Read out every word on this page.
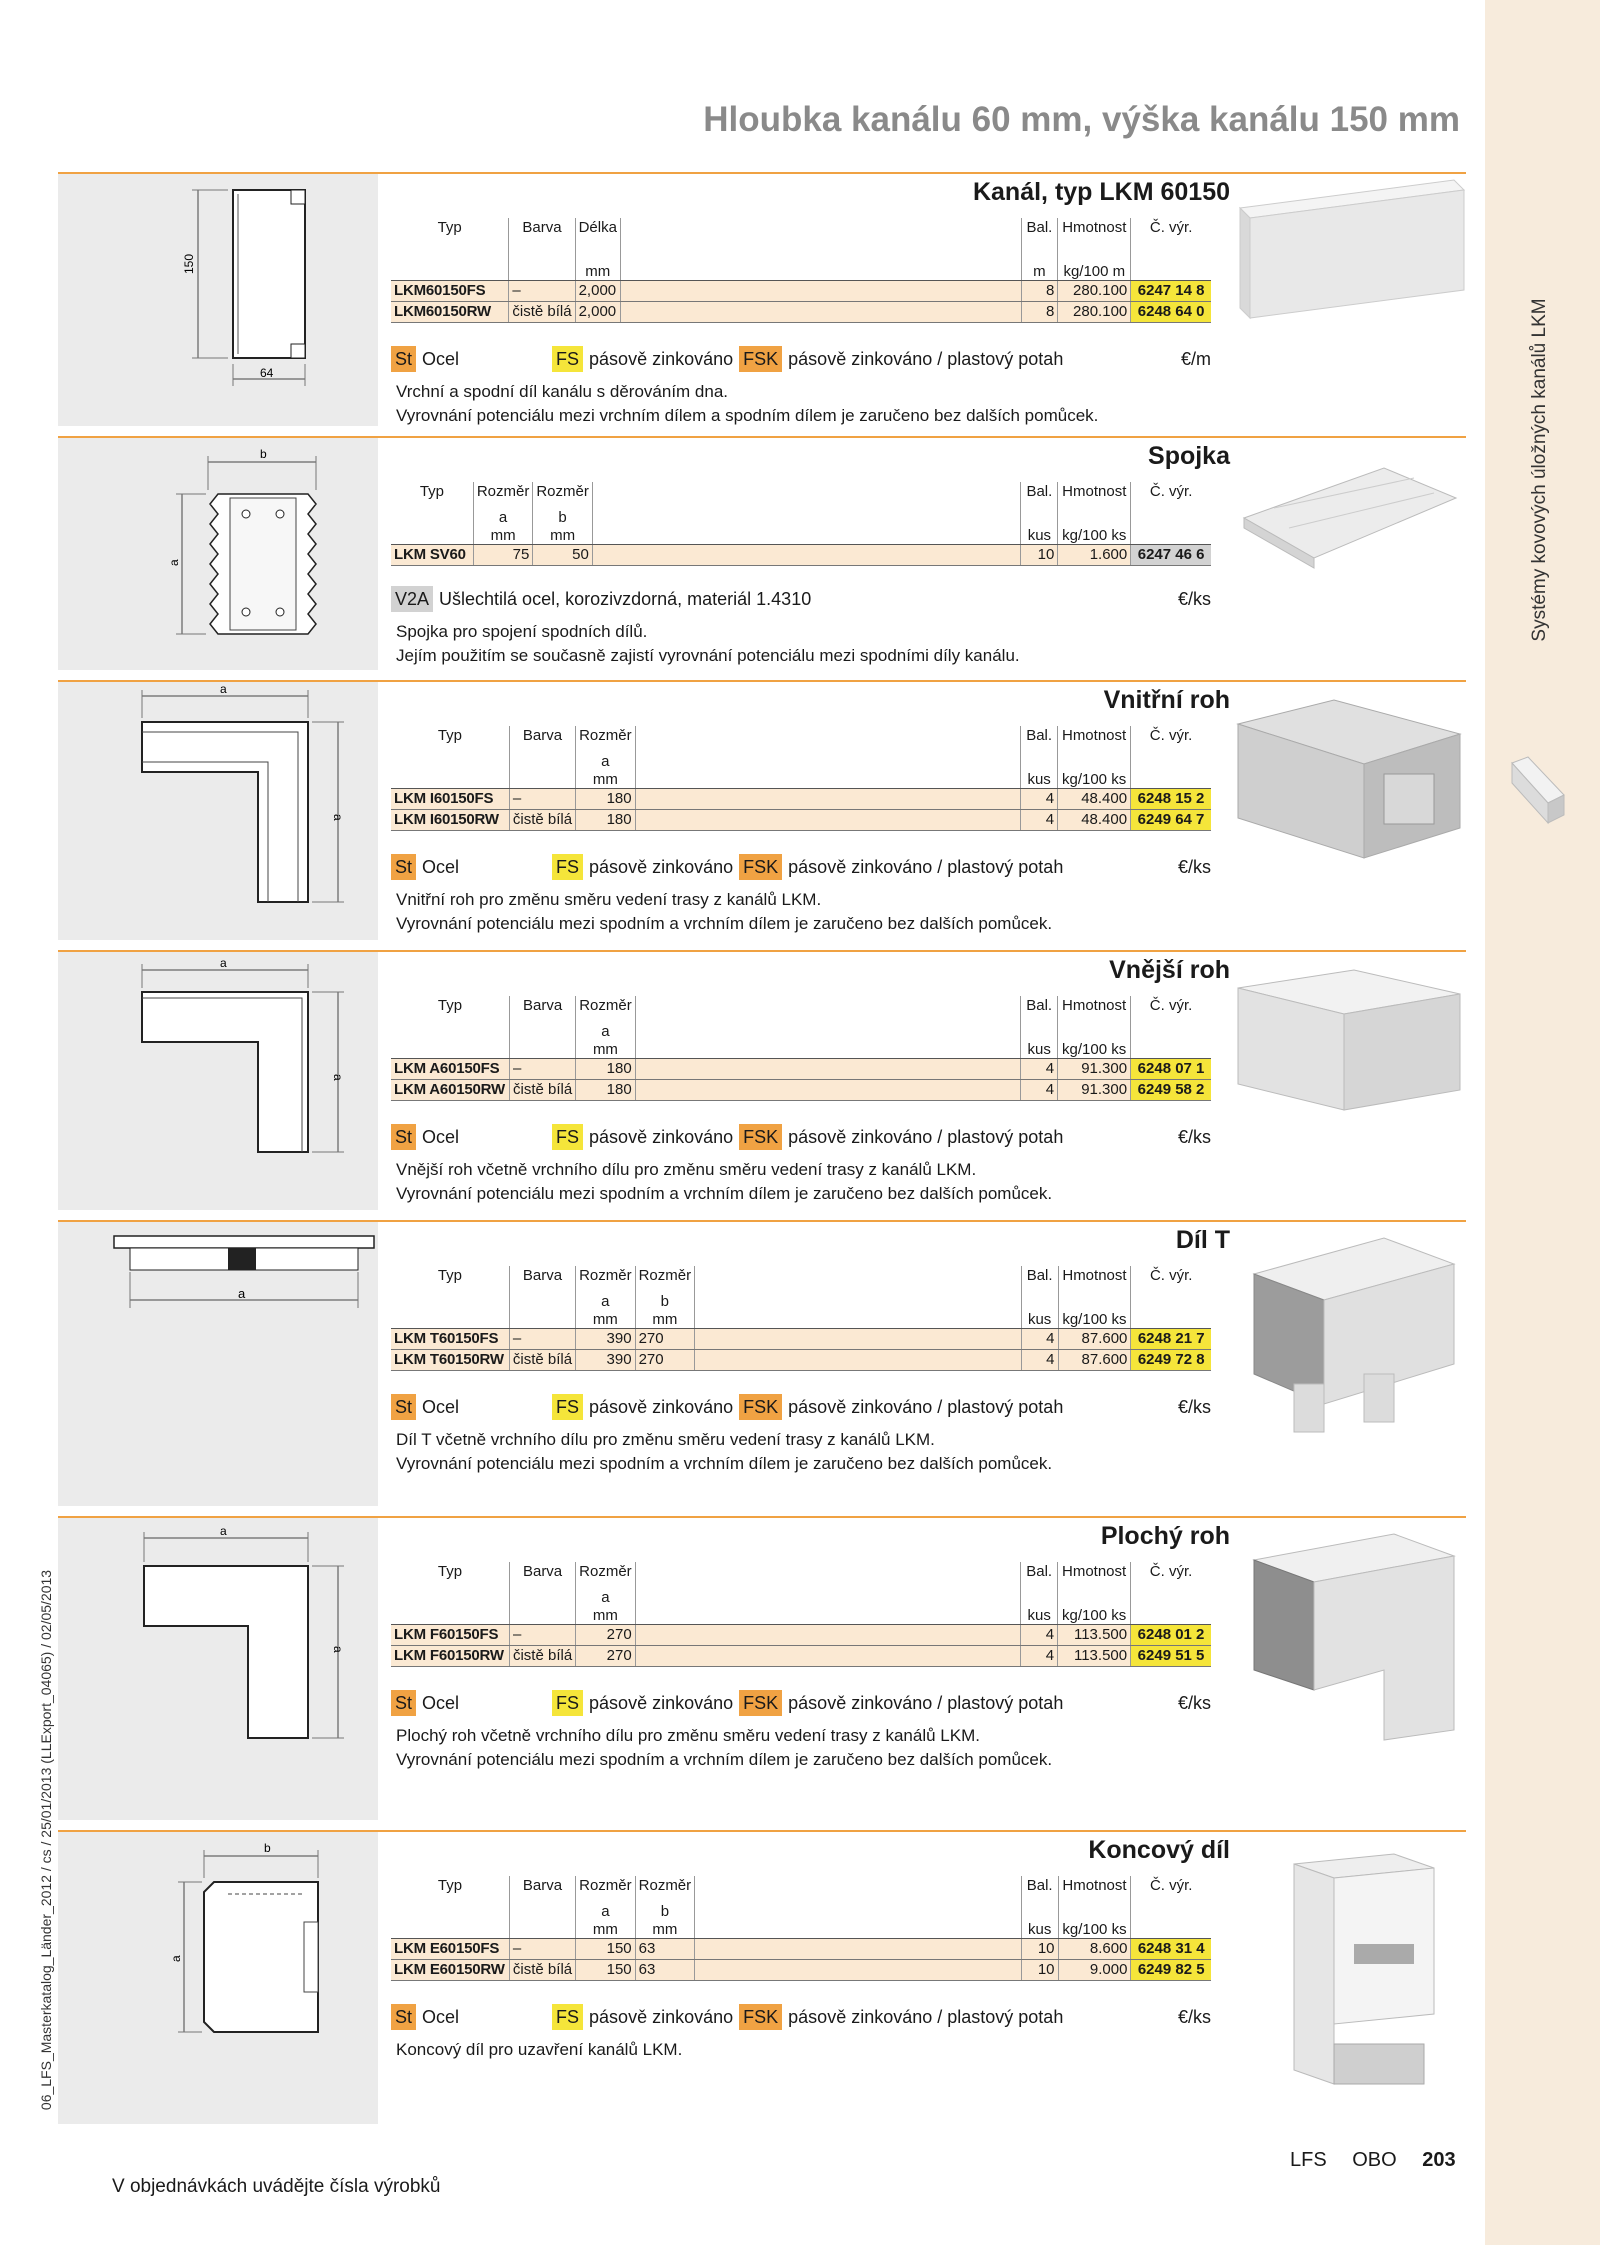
Systémy kovových úložných kanálů LKM
Hloubka kanálu 60 mm, výška kanálu 150 mm
06_LFS_Masterkatalog_Länder_2012 / cs / 25/01/2013 (LLExport_04065) / 02/05/2013
150
64
Kanál, typ LKM 60150
Typ	Barva	Délka		Bal.	Hmotnost	Č. výr.

		mm		m	kg/100 m	
LKM60150FS	–	2,000		8	280.100	6247 14 8
LKM60150RW	čistě bílá	2,000		8	280.100	6248 64 0
St Ocel	FS pásově zinkováno FSK pásově zinkováno / plastový potah	€/m
Vrchní a spodní díl kanálu s děrováním dna.
Vyrovnání potenciálu mezi vrchním dílem a spodním dílem je zaručeno bez dalších pomůcek.
b
a
Spojka
Typ	Rozměr	Rozměr		Bal.	Hmotnost	Č. výr.
	a	b				
	mm	mm		kus	kg/100 ks	
LKM SV60	75	50		10	1.600	6247 46 6
V2A Ušlechtilá ocel, korozivzdorná, materiál 1.4310	€/ks
Spojka pro spojení spodních dílů.
Jejím použitím se současně zajistí vyrovnání potenciálu mezi spodními díly kanálu.
a
a
Vnitřní roh
Typ	Barva	Rozměr		Bal.	Hmotnost	Č. výr.
		a				
		mm		kus	kg/100 ks	
LKM I60150FS	–	180		4	48.400	6248 15 2
LKM I60150RW	čistě bílá	180		4	48.400	6249 64 7
St Ocel	FS pásově zinkováno FSK pásově zinkováno / plastový potah	€/ks
Vnitřní roh pro změnu směru vedení trasy z kanálů LKM.
Vyrovnání potenciálu mezi spodním a vrchním dílem je zaručeno bez dalších pomůcek.
a
a
Vnější roh
Typ	Barva	Rozměr		Bal.	Hmotnost	Č. výr.
		a				
		mm		kus	kg/100 ks	
LKM A60150FS	–	180		4	91.300	6248 07 1
LKM A60150RW	čistě bílá	180		4	91.300	6249 58 2
St Ocel	FS pásově zinkováno FSK pásově zinkováno / plastový potah	€/ks
Vnější roh včetně vrchního dílu pro změnu směru vedení trasy z kanálů LKM.
Vyrovnání potenciálu mezi spodním a vrchním dílem je zaručeno bez dalších pomůcek.
a
Díl T
Typ	Barva	Rozměr	Rozměr		Bal.	Hmotnost	Č. výr.
		a	b				
		mm	mm		kus	kg/100 ks	
LKM T60150FS	–	390	270		4	87.600	6248 21 7
LKM T60150RW	čistě bílá	390	270		4	87.600	6249 72 8
St Ocel	FS pásově zinkováno FSK pásově zinkováno / plastový potah	€/ks
Díl T včetně vrchního dílu pro změnu směru vedení trasy z kanálů LKM.
Vyrovnání potenciálu mezi spodním a vrchním dílem je zaručeno bez dalších pomůcek.
a
a
Plochý roh
Typ	Barva	Rozměr		Bal.	Hmotnost	Č. výr.
		a				
		mm		kus	kg/100 ks	
LKM F60150FS	–	270		4	113.500	6248 01 2
LKM F60150RW	čistě bílá	270		4	113.500	6249 51 5
St Ocel	FS pásově zinkováno FSK pásově zinkováno / plastový potah	€/ks
Plochý roh včetně vrchního dílu pro změnu směru vedení trasy z kanálů LKM.
Vyrovnání potenciálu mezi spodním a vrchním dílem je zaručeno bez dalších pomůcek.
b
a
Koncový díl
Typ	Barva	Rozměr	Rozměr		Bal.	Hmotnost	Č. výr.
		a	b				
		mm	mm		kus	kg/100 ks	
LKM E60150FS	–	150	63		10	8.600	6248 31 4
LKM E60150RW	čistě bílá	150	63		10	9.000	6249 82 5
St Ocel	FS pásově zinkováno FSK pásově zinkováno / plastový potah	€/ks
Koncový díl pro uzavření kanálů LKM.
V objednávkách uvádějte čísla výrobků
LFS OBO 203
